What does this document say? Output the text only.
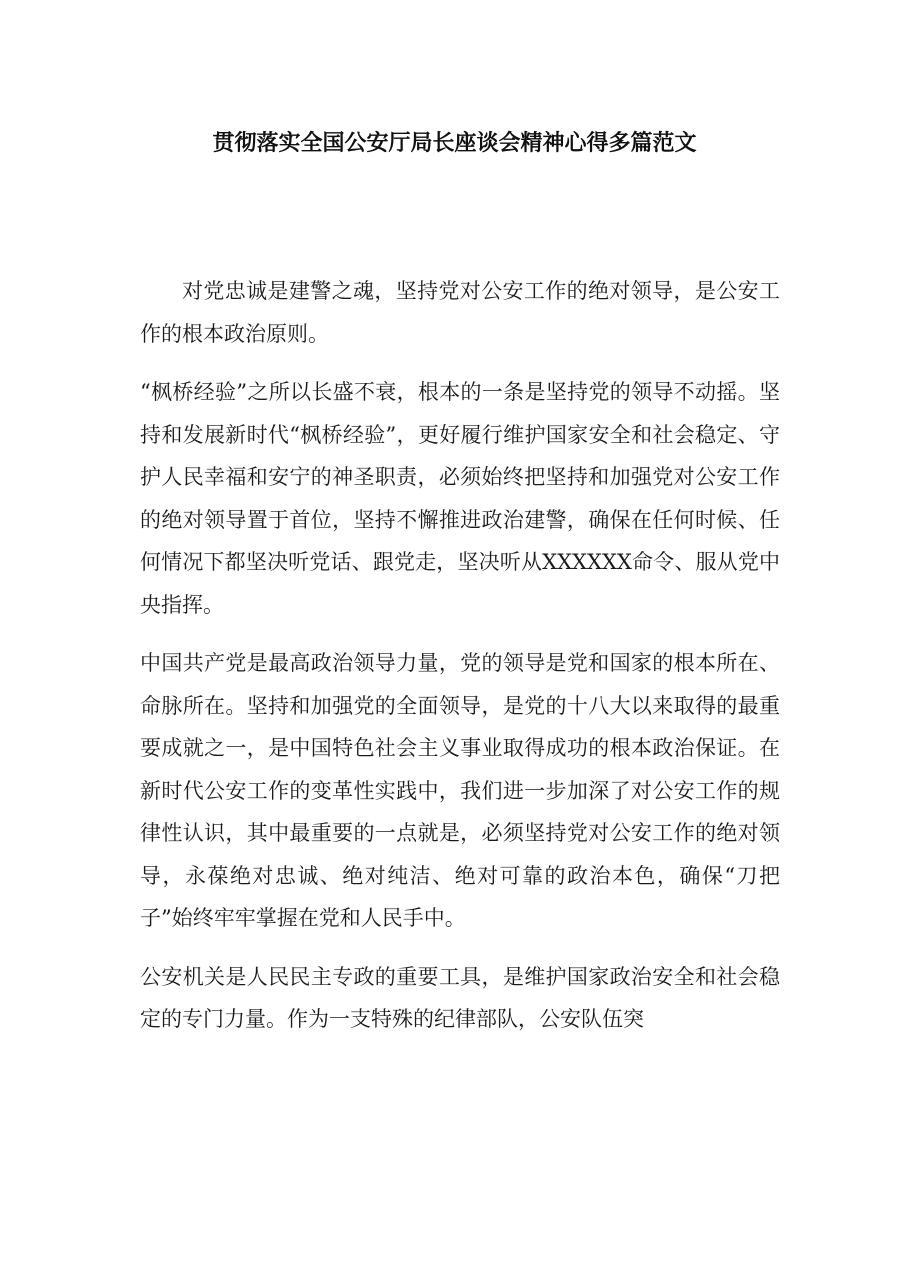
贯彻落实全国公安厅局长座谈会精神心得多篇范文

对党忠诚是建警之魂，坚持党对公安工作的绝对领导，是公安工作的根本政治原则。

“枫桥经验”之所以长盛不衰，根本的一条是坚持党的领导不动摇。坚持和发展新时代“枫桥经验”，更好履行维护国家安全和社会稳定、守护人民幸福和安宁的神圣职责，必须始终把坚持和加强党对公安工作的绝对领导置于首位，坚持不懈推进政治建警，确保在任何时候、任何情况下都坚决听党话、跟党走，坚决听从XXXXXX命令、服从党中央指挥。

中国共产党是最高政治领导力量，党的领导是党和国家的根本所在、命脉所在。坚持和加强党的全面领导，是党的十八大以来取得的最重要成就之一，是中国特色社会主义事业取得成功的根本政治保证。在新时代公安工作的变革性实践中，我们进一步加深了对公安工作的规律性认识，其中最重要的一点就是，必须坚持党对公安工作的绝对领导，永葆绝对忠诚、绝对纯洁、绝对可靠的政治本色，确保“刀把子”始终牢牢掌握在党和人民手中。

公安机关是人民民主专政的重要工具，是维护国家政治安全和社会稳定的专门力量。作为一支特殊的纪律部队，公安队伍突
